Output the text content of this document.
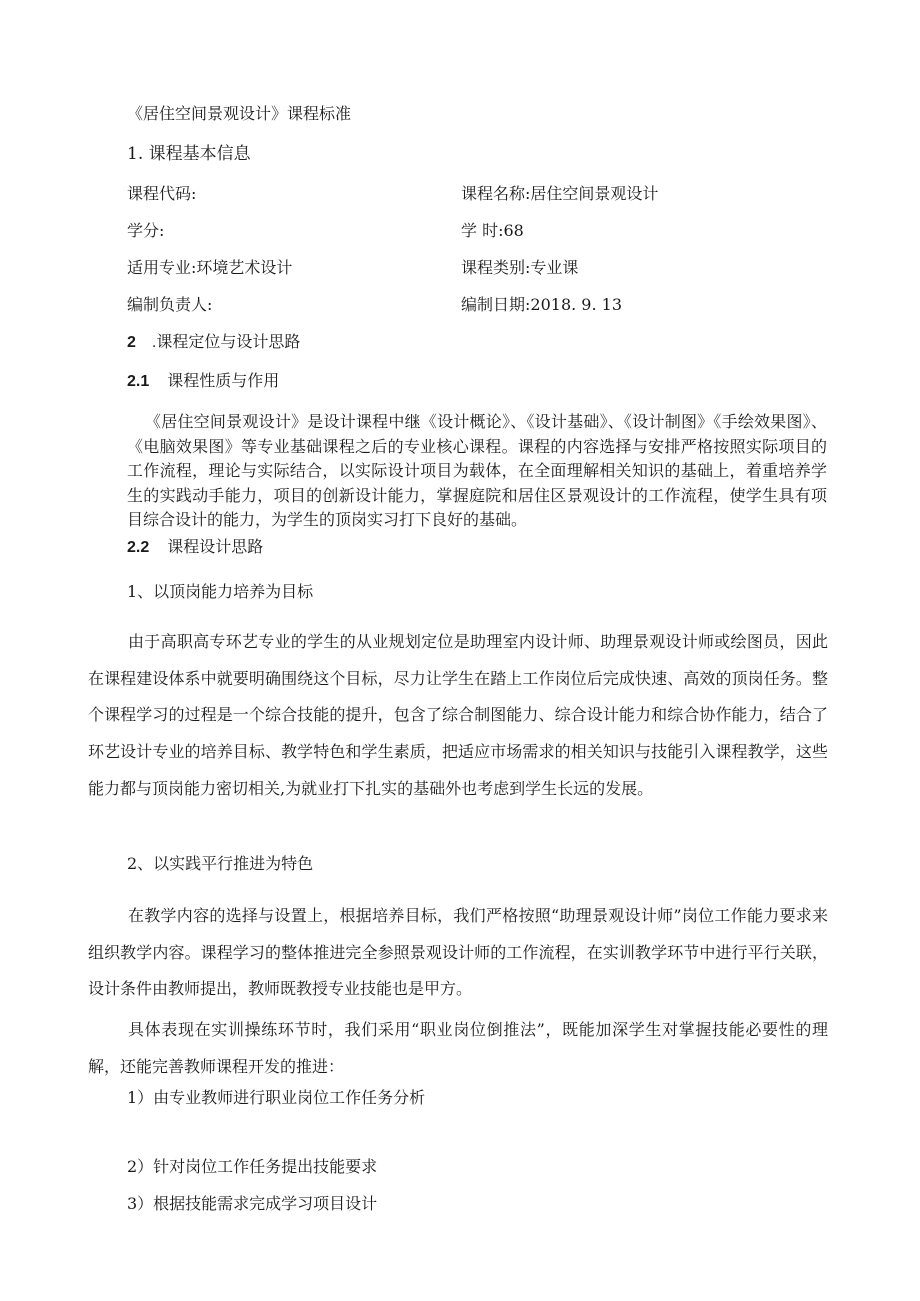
《居住空间景观设计》课程标准
1. 课程基本信息
课程代码:	课程名称:居住空间景观设计
学分:	学 时:68
适用专业:环境艺术设计	课程类别:专业课
编制负责人:	编制日期:2018. 9. 13
2 .课程定位与设计思路
2.1 课程性质与作用
《居住空间景观设计》是设计课程中继《设计概论》、《设计基础》、《设计制图》《手绘效果图》、《电脑效果图》等专业基础课程之后的专业核心课程。课程的内容选择与安排严格按照实际项目的工作流程，理论与实际结合，以实际设计项目为载体，在全面理解相关知识的基础上，着重培养学生的实践动手能力，项目的创新设计能力，掌握庭院和居住区景观设计的工作流程，使学生具有项目综合设计的能力，为学生的顶岗实习打下良好的基础。
2.2 课程设计思路
1、以顶岗能力培养为目标
由于高职高专环艺专业的学生的从业规划定位是助理室内设计师、助理景观设计师或绘图员，因此在课程建设体系中就要明确围绕这个目标，尽力让学生在踏上工作岗位后完成快速、高效的顶岗任务。整个课程学习的过程是一个综合技能的提升，包含了综合制图能力、综合设计能力和综合协作能力，结合了环艺设计专业的培养目标、教学特色和学生素质，把适应市场需求的相关知识与技能引入课程教学，这些能力都与顶岗能力密切相关,为就业打下扎实的基础外也考虑到学生长远的发展。
2、以实践平行推进为特色
在教学内容的选择与设置上，根据培养目标，我们严格按照“助理景观设计师”岗位工作能力要求来组织教学内容。课程学习的整体推进完全参照景观设计师的工作流程，在实训教学环节中进行平行关联，设计条件由教师提出，教师既教授专业技能也是甲方。
具体表现在实训操练环节时，我们采用“职业岗位倒推法”，既能加深学生对掌握技能必要性的理解，还能完善教师课程开发的推进：
1）由专业教师进行职业岗位工作任务分析
2）针对岗位工作任务提出技能要求
3）根据技能需求完成学习项目设计
